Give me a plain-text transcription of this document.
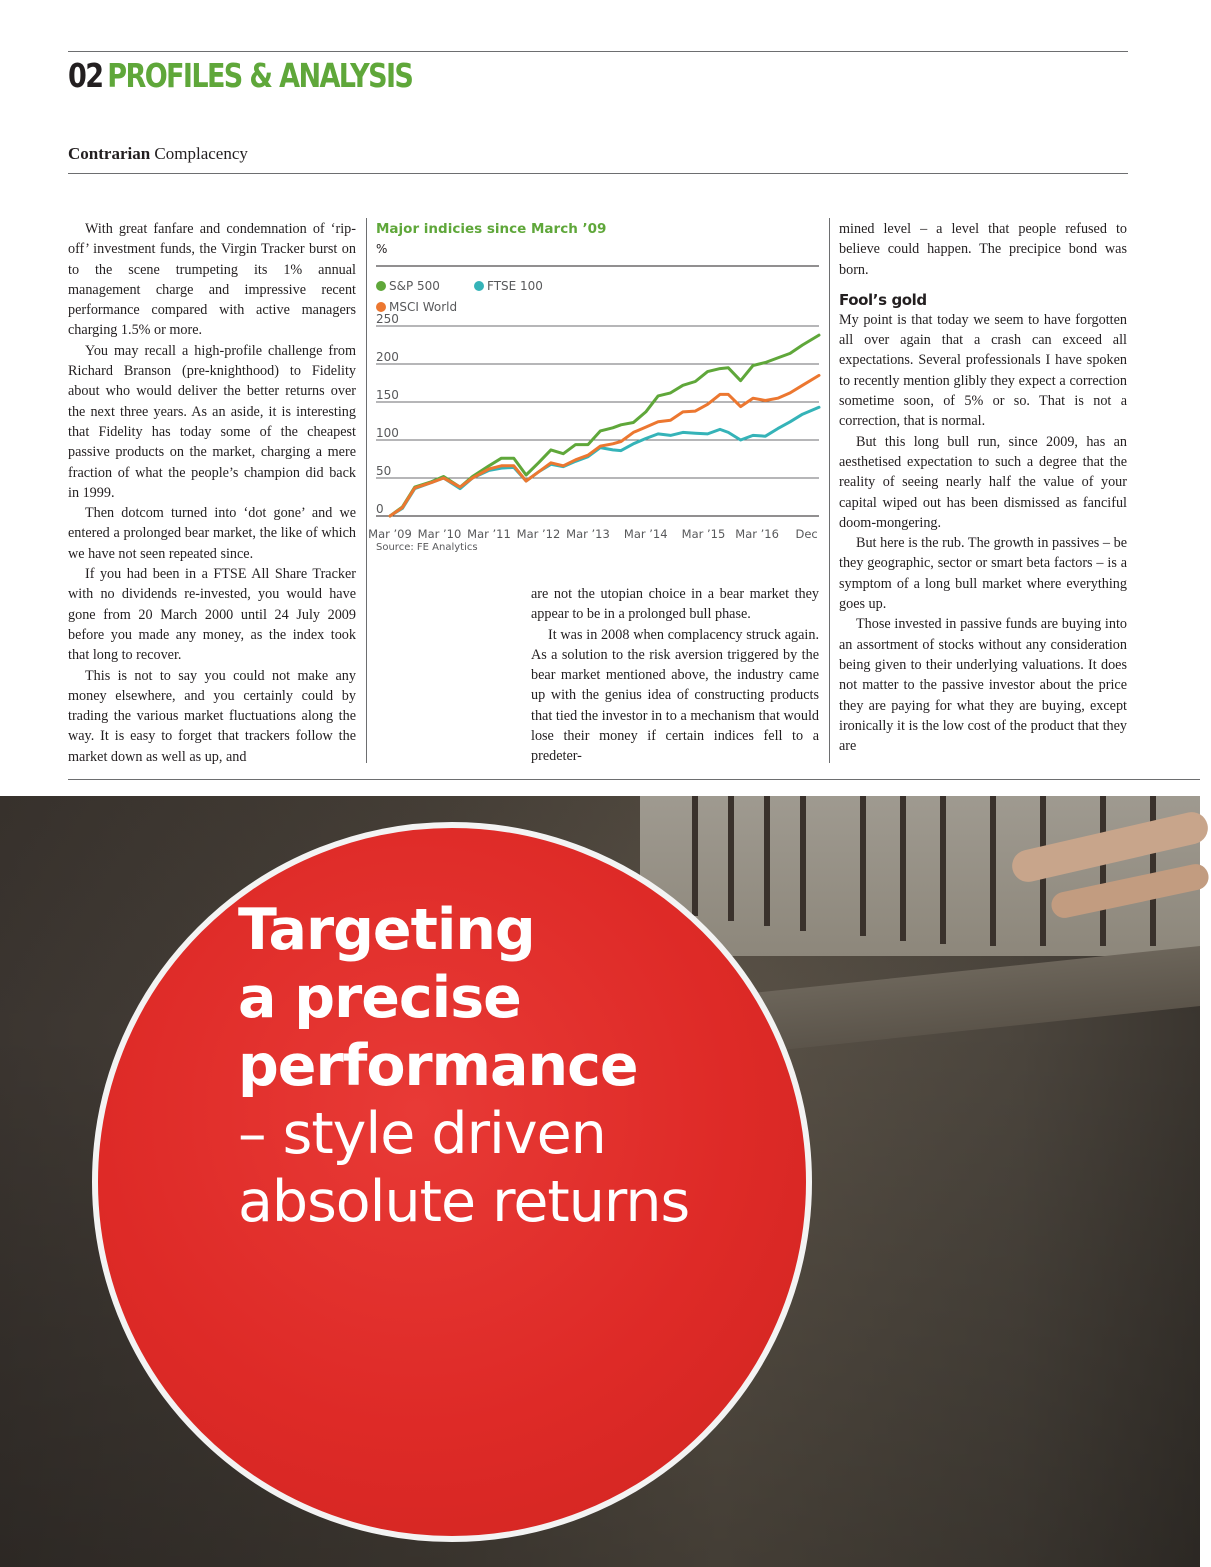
02 PROFILES & ANALYSIS
Contrarian Complacency

With great fanfare and condemnation of ‘rip-off’ investment funds, the Virgin Tracker burst on to the scene trumpeting its 1% annual management charge and impressive recent performance compared with active managers charging 1.5% or more.

You may recall a high-profile challenge from Richard Branson (pre-knighthood) to Fidelity about who would deliver the better returns over the next three years. As an aside, it is interesting that Fidelity has today some of the cheapest passive products on the market, charging a mere fraction of what the people’s champion did back in 1999.

Then dotcom turned into ‘dot gone’ and we entered a prolonged bear market, the like of which we have not seen repeated since.

If you had been in a FTSE All Share Tracker with no dividends re-invested, you would have gone from 20 March 2000 until 24 July 2009 before you made any money, as the index took that long to recover.

This is not to say you could not make any money elsewhere, and you certainly could by trading the various market fluctuations along the way. It is easy to forget that trackers follow the market down as well as up, and

Major indicies since March ’09
%
S&P 500	FTSE 100
MSCI World
0
50
100
150
200
250
Mar ’09 Mar ’10 Mar ’11 Mar ’12 Mar ’13 Mar ’14 Mar ’15 Mar ’16 Dec
Source: FE Analytics

are not the utopian choice in a bear market they appear to be in a prolonged bull phase.

It was in 2008 when complacency struck again. As a solution to the risk aversion triggered by the bear market mentioned above, the industry came up with the genius idea of constructing products that tied the investor in to a mechanism that would lose their money if certain indices fell to a predeter-

mined level – a level that people refused to believe could happen. The precipice bond was born.

Fool’s gold

My point is that today we seem to have forgotten all over again that a crash can exceed all expectations. Several professionals I have spoken to recently mention glibly they expect a correction sometime soon, of 5% or so. That is not a correction, that is normal.

But this long bull run, since 2009, has an aesthetised expectation to such a degree that the reality of seeing nearly half the value of your capital wiped out has been dismissed as fanciful doom-mongering.

But here is the rub. The growth in passives – be they geographic, sector or smart beta factors – is a symptom of a long bull market where everything goes up.

Those invested in passive funds are buying into an assortment of stocks without any consideration being given to their underlying valuations. It does not matter to the passive investor about the price they are paying for what they are buying, except ironically it is the low cost of the product that they are

Targeting
a precise
performance
– style driven
absolute returns
